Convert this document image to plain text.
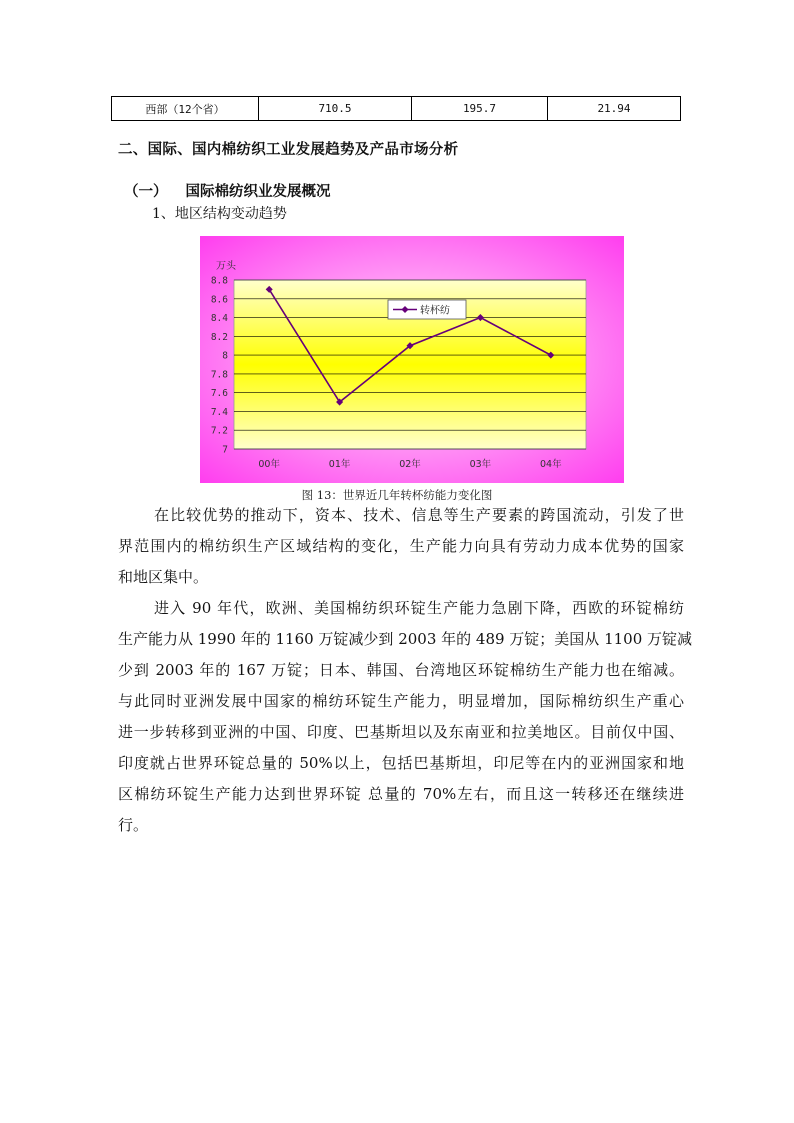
西部（12个省）	710.5	195.7	21.94
二、国际、国内棉纺织工业发展趋势及产品市场分析
（一） 国际棉纺织业发展概况
1、地区结构变动趋势
万头
7
7.2
7.4
7.6
7.8
8
8.2
8.4
8.6
8.8
00年	01年	02年	03年	04年
转杯纺
图 13：世界近几年转杯纺能力变化图
在比较优势的推动下，资本、技术、信息等生产要素的跨国流动，引发了世
界范围内的棉纺织生产区域结构的变化，生产能力向具有劳动力成本优势的国家
和地区集中。
进入 90 年代，欧洲、美国棉纺织环锭生产能力急剧下降，西欧的环锭棉纺
生产能力从 1990 年的 1160 万锭减少到 2003 年的 489 万锭；美国从 1100 万锭减
少到 2003 年的 167 万锭；日本、韩国、台湾地区环锭棉纺生产能力也在缩减。
与此同时亚洲发展中国家的棉纺环锭生产能力，明显增加，国际棉纺织生产重心
进一步转移到亚洲的中国、印度、巴基斯坦以及东南亚和拉美地区。目前仅中国、
印度就占世界环锭总量的 50%以上，包括巴基斯坦，印尼等在内的亚洲国家和地
区棉纺环锭生产能力达到世界环锭 总量的 70%左右，而且这一转移还在继续进
行。
